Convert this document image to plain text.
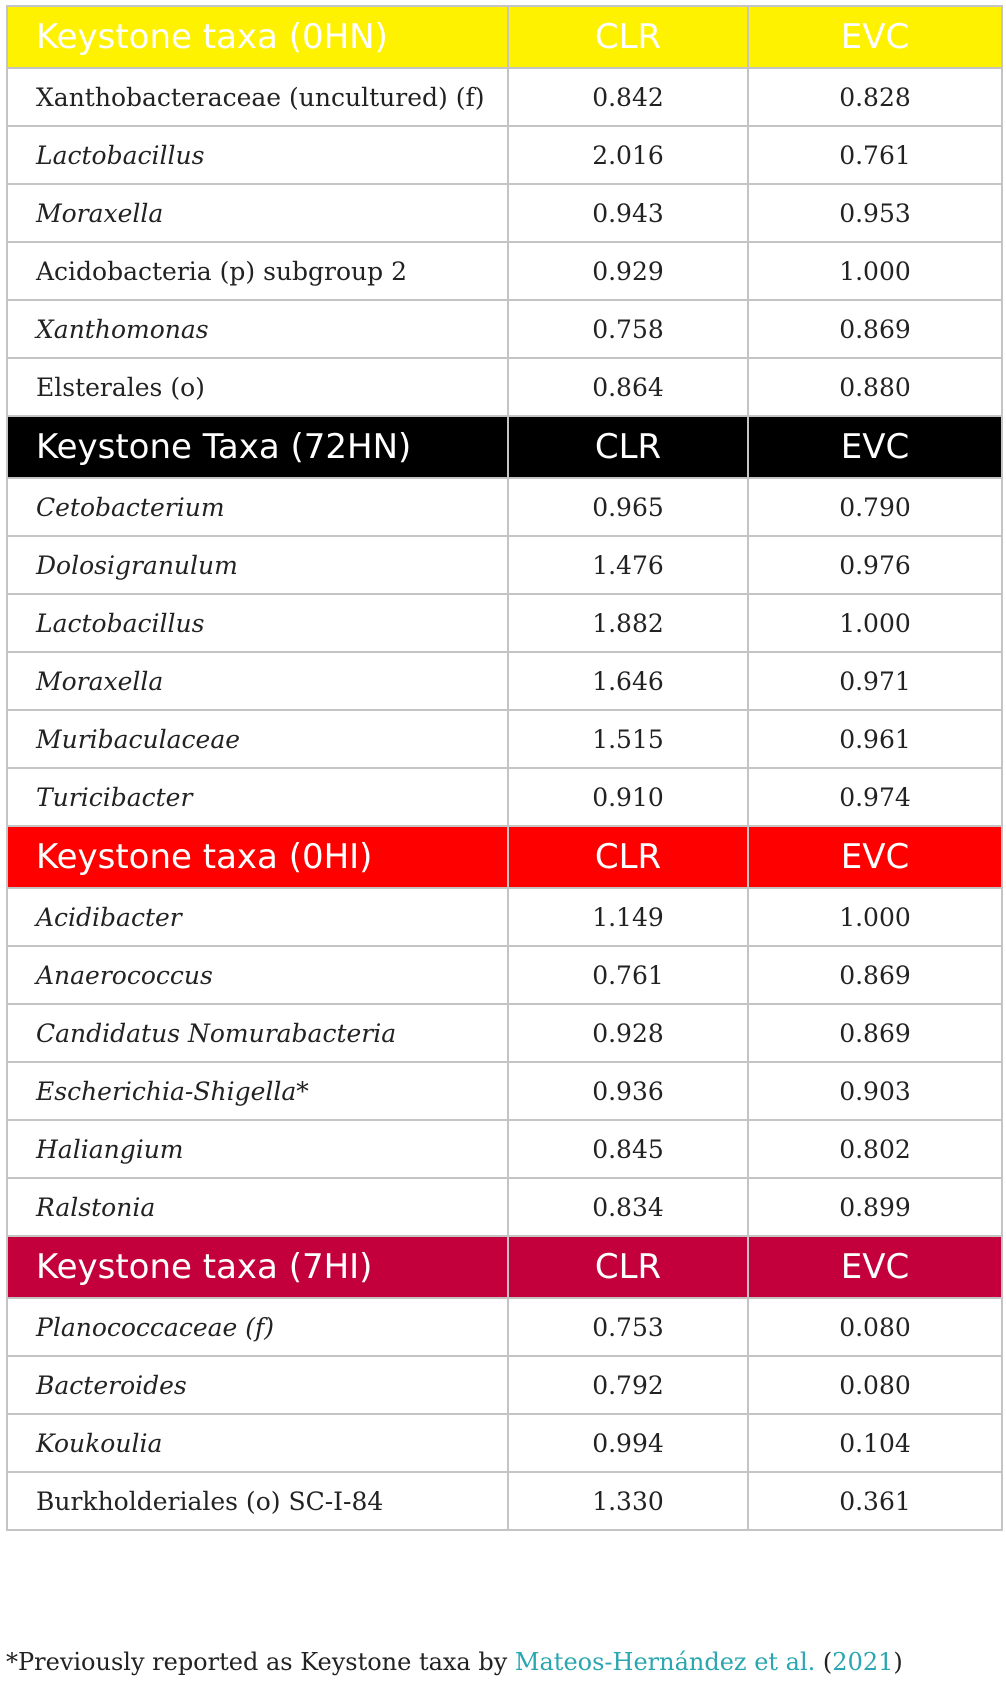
Keystone taxa (0HN)	CLR	EVC
Xanthobacteraceae (uncultured) (f)	0.842	0.828
Lactobacillus	2.016	0.761
Moraxella	0.943	0.953
Acidobacteria (p) subgroup 2	0.929	1.000
Xanthomonas	0.758	0.869
Elsterales (o)	0.864	0.880
Keystone Taxa (72HN)	CLR	EVC
Cetobacterium	0.965	0.790
Dolosigranulum	1.476	0.976
Lactobacillus	1.882	1.000
Moraxella	1.646	0.971
Muribaculaceae	1.515	0.961
Turicibacter	0.910	0.974
Keystone taxa (0HI)	CLR	EVC
Acidibacter	1.149	1.000
Anaerococcus	0.761	0.869
Candidatus Nomurabacteria	0.928	0.869
Escherichia-Shigella*	0.936	0.903
Haliangium	0.845	0.802
Ralstonia	0.834	0.899
Keystone taxa (7HI)	CLR	EVC
Planococcaceae (f)	0.753	0.080
Bacteroides	0.792	0.080
Koukoulia	0.994	0.104
Burkholderiales (o) SC-I-84	1.330	0.361
*Previously reported as Keystone taxa by Mateos-Hernández et al. (2021)
